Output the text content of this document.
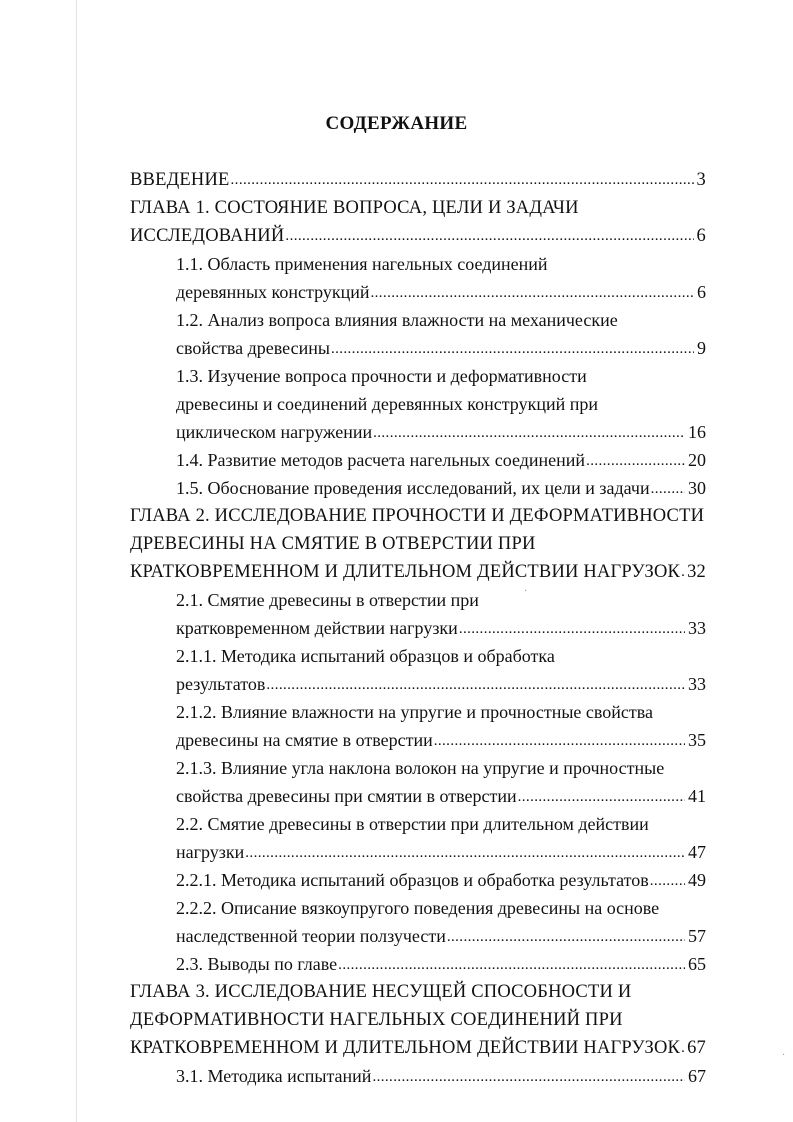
СОДЕРЖАНИЕ
ВВЕДЕНИЕ .....	3
ГЛАВА 1. СОСТОЯНИЕ ВОПРОСА, ЦЕЛИ И ЗАДАЧИ
ИССЛЕДОВАНИЙ .....	6
1.1. Область применения нагельных соединений
деревянных конструкций .....	6
1.2. Анализ вопроса влияния влажности на механические
свойства древесины .....	9
1.3. Изучение вопроса прочности и деформативности
древесины и соединений деревянных конструкций при
циклическом нагружении .....	16
1.4. Развитие методов расчета нагельных соединений .....	20
1.5. Обоснование проведения исследований, их цели и задачи ..... 30
ГЛАВА 2. ИССЛЕДОВАНИЕ ПРОЧНОСТИ И ДЕФОРМАТИВНОСТИ
ДРЕВЕСИНЫ НА СМЯТИЕ В ОТВЕРСТИИ ПРИ
КРАТКОВРЕМЕННОМ И ДЛИТЕЛЬНОМ ДЕЙСТВИИ НАГРУЗОК ..... 32
2.1. Смятие древесины в отверстии при
кратковременном действии нагрузки .....	33
2.1.1. Методика испытаний образцов и обработка
результатов .....	33
2.1.2. Влияние влажности на упругие и прочностные свойства
древесины на смятие в отверстии .....	35
2.1.3. Влияние угла наклона волокон на упругие и прочностные
свойства древесины при смятии в отверстии .....	41
2.2. Смятие древесины в отверстии при длительном действии
нагрузки .....	47
2.2.1. Методика испытаний образцов и обработка результатов ..... 49
2.2.2. Описание вязкоупругого поведения древесины на основе
наследственной теории ползучести .....	57
2.3. Выводы по главе .....	65
ГЛАВА 3. ИССЛЕДОВАНИЕ НЕСУЩЕЙ СПОСОБНОСТИ И
ДЕФОРМАТИВНОСТИ НАГЕЛЬНЫХ СОЕДИНЕНИЙ ПРИ
КРАТКОВРЕМЕННОМ И ДЛИТЕЛЬНОМ ДЕЙСТВИИ НАГРУЗОК ..... 67
3.1. Методика испытаний .....	67
·
·
